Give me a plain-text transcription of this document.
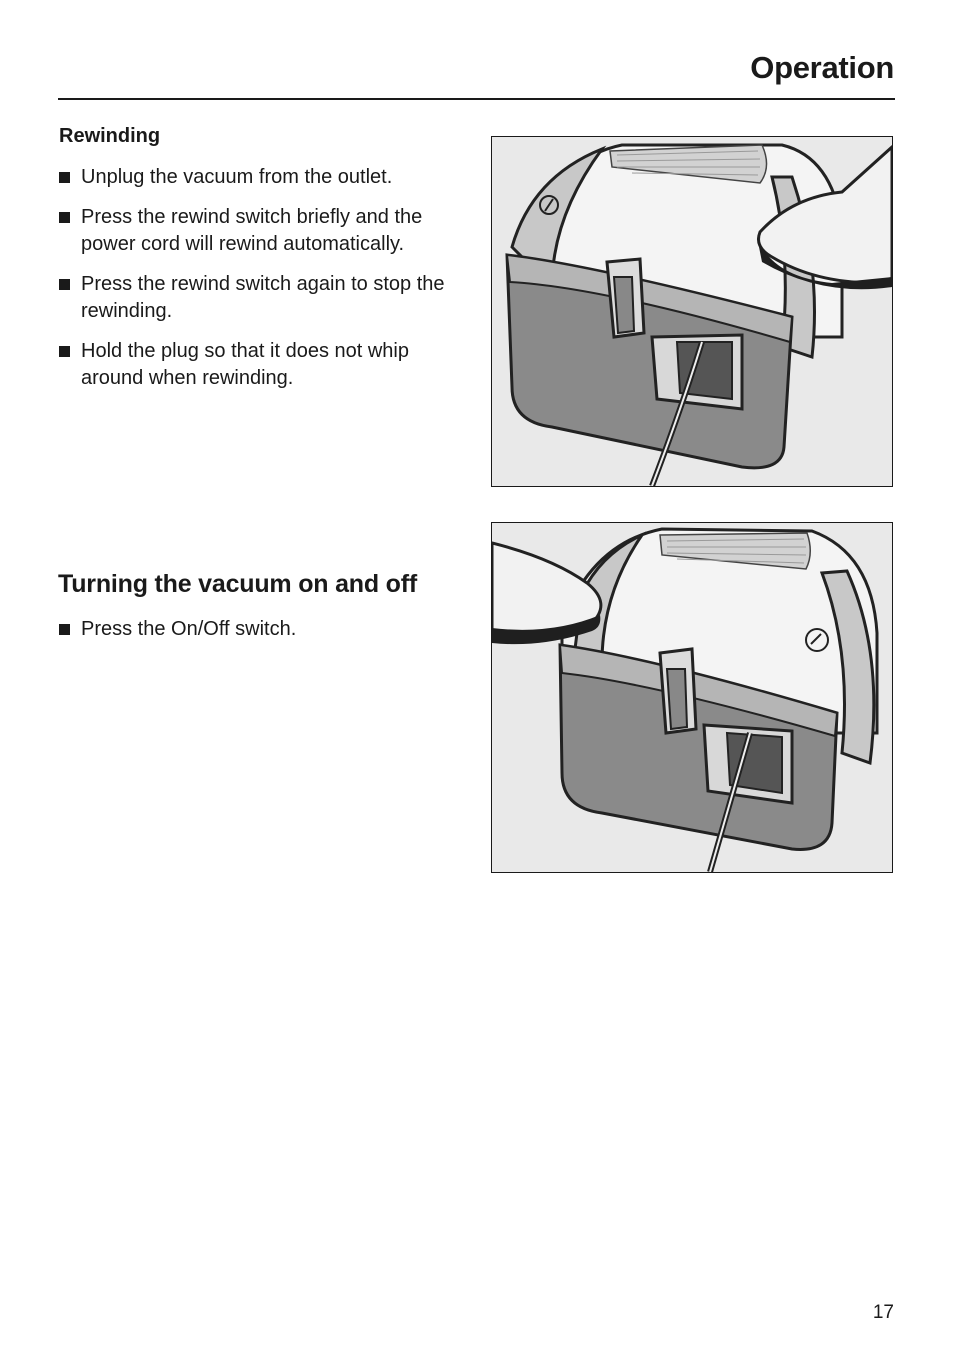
Operation
Rewinding
Unplug the vacuum from the outlet.
Press the rewind switch briefly and the power cord will rewind automatically.
Press the rewind switch again to stop the rewinding.
Hold the plug so that it does not whip around when rewinding.
Turning the vacuum on and off
Press the On/Off switch.
17
